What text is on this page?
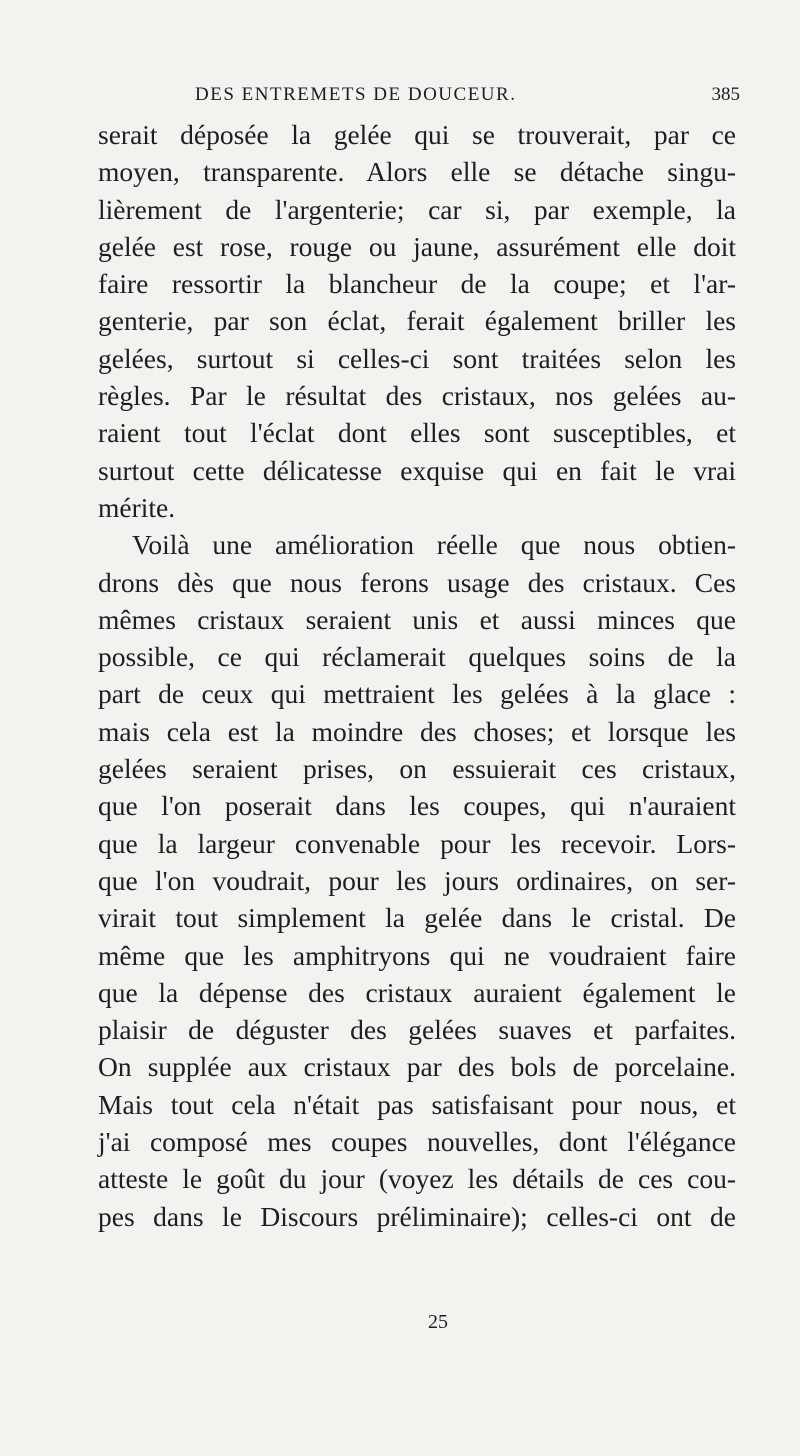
DES ENTREMETS DE DOUCEUR.	385
serait déposée la gelée qui se trouverait, par ce
moyen, transparente. Alors elle se détache singu-
lièrement de l'argenterie; car si, par exemple, la
gelée est rose, rouge ou jaune, assurément elle doit
faire ressortir la blancheur de la coupe; et l'ar-
genterie, par son éclat, ferait également briller les
gelées, surtout si celles-ci sont traitées selon les
règles. Par le résultat des cristaux, nos gelées au-
raient tout l'éclat dont elles sont susceptibles, et
surtout cette délicatesse exquise qui en fait le vrai
mérite.
Voilà une amélioration réelle que nous obtien-
drons dès que nous ferons usage des cristaux. Ces
mêmes cristaux seraient unis et aussi minces que
possible, ce qui réclamerait quelques soins de la
part de ceux qui mettraient les gelées à la glace :
mais cela est la moindre des choses; et lorsque les
gelées seraient prises, on essuierait ces cristaux,
que l'on poserait dans les coupes, qui n'auraient
que la largeur convenable pour les recevoir. Lors-
que l'on voudrait, pour les jours ordinaires, on ser-
virait tout simplement la gelée dans le cristal. De
même que les amphitryons qui ne voudraient faire
que la dépense des cristaux auraient également le
plaisir de déguster des gelées suaves et parfaites.
On supplée aux cristaux par des bols de porcelaine.
Mais tout cela n'était pas satisfaisant pour nous, et
j'ai composé mes coupes nouvelles, dont l'élégance
atteste le goût du jour (voyez les détails de ces cou-
pes dans le Discours préliminaire); celles-ci ont de
25
